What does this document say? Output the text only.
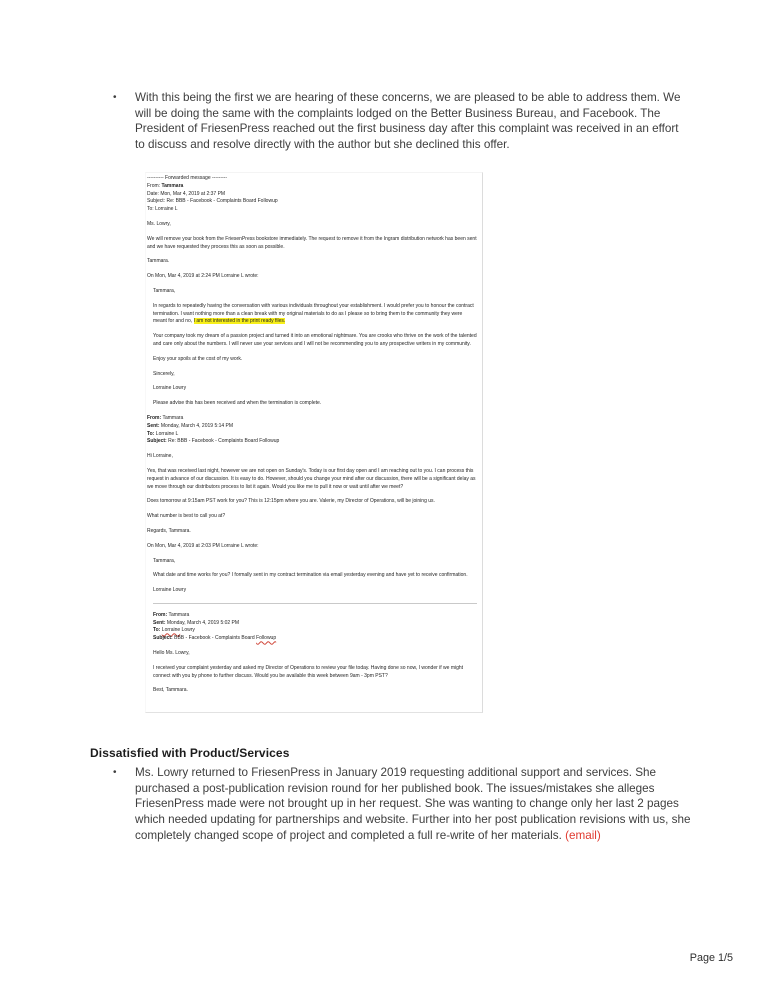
•	With this being the first we are hearing of these concerns, we are pleased to be able to address them. We will be doing the same with the complaints lodged on the Better Business Bureau, and Facebook. The President of FriesenPress reached out the first business day after this complaint was received in an effort to discuss and resolve directly with the author but she declined this offer.
---------- Forwarded message ---------
From: Tammara
Date: Mon, Mar 4, 2019 at 2:37 PM
Subject: Re: BBB - Facebook - Complaints Board Followup
To: Lorraine L

Ms. Lowry,

We will remove your book from the FriesenPress bookstore immediately. The request to remove it from the Ingram distribution network has been sent and we have requested they process this as soon as possible.

Tammara.

On Mon, Mar 4, 2019 at 2:24 PM Lorraine L wrote:

Tammara,

In regards to repeatedly having the conversation with various individuals throughout your establishment. I would prefer you to honour the contract termination. I want nothing more than a clean break with my original materials to do as I please so to bring them to the community they were meant for and no, I am not interested in the print ready files.

Your company took my dream of a passion project and turned it into an emotional nightmare. You are crooks who thrive on the work of the talented and care only about the numbers. I will never use your services and I will not be recommending you to any prospective writers in my community.

Enjoy your spoils at the cost of my work.

Sincerely,

Lorraine Lowry

Please advise this has been received and when the termination is complete.

From: Tammara
Sent: Monday, March 4, 2019 5:14 PM
To: Lorraine L
Subject: Re: BBB - Facebook - Complaints Board Followup

Hi Lorraine,

Yes, that was received last night, however we are not open on Sunday's. Today is our first day open and I am reaching out to you. I can process this request in advance of our discussion. It is easy to do. However, should you change your mind after our discussion, there will be a significant delay as we move through our distributors process to list it again. Would you like me to pull it now or wait until after we meet?

Does tomorrow at 9:15am PST work for you? This is 12:15pm where you are. Valerie, my Director of Operations, will be joining us.

What number is best to call you at?

Regards, Tammara.

On Mon, Mar 4, 2019 at 2:03 PM Lorraine L wrote:

Tammara,

What date and time works for you? I formally sent in my contract termination via email yesterday evening and have yet to receive confirmation.

Lorraine Lowry

From: Tammara
Sent: Monday, March 4, 2019 5:02 PM
To: Lorraine Lowry
Subject: BBB - Facebook - Complaints Board Followup

Hello Ms. Lowry,

I received your complaint yesterday and asked my Director of Operations to review your file today. Having done so now, I wonder if we might connect with you by phone to further discuss. Would you be available this week between 9am - 3pm PST?

Best, Tammara.

Dissatisfied with Product/Services
•	Ms. Lowry returned to FriesenPress in January 2019 requesting additional support and services. She purchased a post-publication revision round for her published book. The issues/mistakes she alleges FriesenPress made were not brought up in her request. She was wanting to change only her last 2 pages which needed updating for partnerships and website. Further into her post publication revisions with us, she completely changed scope of project and completed a full re-write of her materials. (email)
Page 1/5
